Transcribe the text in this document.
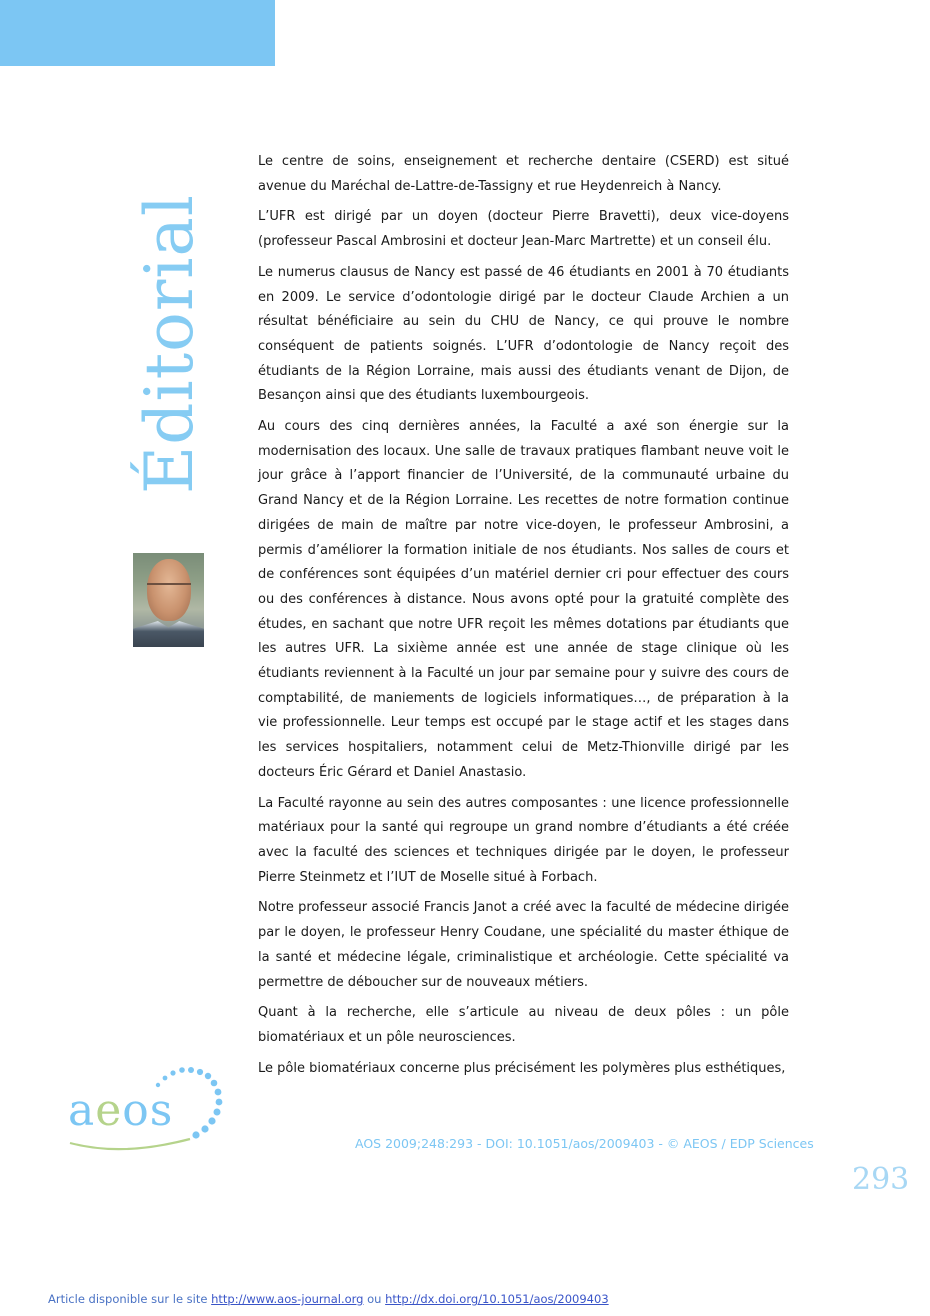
Éditorial

Le centre de soins, enseignement et recherche dentaire (CSERD) est situé avenue du Maréchal de-Lattre-de-Tassigny et rue Heydenreich à Nancy.

L’UFR est dirigé par un doyen (docteur Pierre Bravetti), deux vice-doyens (professeur Pascal Ambrosini et docteur Jean-Marc Martrette) et un conseil élu.

Le numerus clausus de Nancy est passé de 46 étudiants en 2001 à 70 étudiants en 2009. Le service d’odontologie dirigé par le docteur Claude Archien a un résultat bénéficiaire au sein du CHU de Nancy, ce qui prouve le nombre conséquent de patients soignés. L’UFR d’odontologie de Nancy reçoit des étudiants de la Région Lorraine, mais aussi des étudiants venant de Dijon, de Besançon ainsi que des étudiants luxembourgeois.

Au cours des cinq dernières années, la Faculté a axé son énergie sur la modernisation des locaux. Une salle de travaux pratiques flambant neuve voit le jour grâce à l’apport financier de l’Université, de la communauté urbaine du Grand Nancy et de la Région Lorraine. Les recettes de notre formation continue dirigées de main de maître par notre vice-doyen, le professeur Ambrosini, a permis d’améliorer la formation initiale de nos étudiants. Nos salles de cours et de conférences sont équipées d’un matériel dernier cri pour effectuer des cours ou des conférences à distance. Nous avons opté pour la gratuité complète des études, en sachant que notre UFR reçoit les mêmes dotations par étudiants que les autres UFR. La sixième année est une année de stage clinique où les étudiants reviennent à la Faculté un jour par semaine pour y suivre des cours de comptabilité, de maniements de logiciels informatiques…, de préparation à la vie professionnelle. Leur temps est occupé par le stage actif et les stages dans les services hospitaliers, notamment celui de Metz-Thionville dirigé par les docteurs Éric Gérard et Daniel Anastasio.

La Faculté rayonne au sein des autres composantes : une licence professionnelle matériaux pour la santé qui regroupe un grand nombre d’étudiants a été créée avec la faculté des sciences et techniques dirigée par le doyen, le professeur Pierre Steinmetz et l’IUT de Moselle situé à Forbach.

Notre professeur associé Francis Janot a créé avec la faculté de médecine dirigée par le doyen, le professeur Henry Coudane, une spécialité du master éthique de la santé et médecine légale, criminalistique et archéologie. Cette spécialité va permettre de déboucher sur de nouveaux métiers.

Quant à la recherche, elle s’articule au niveau de deux pôles : un pôle biomatériaux et un pôle neurosciences.

Le pôle biomatériaux concerne plus précisément les polymères plus esthétiques,

aeos
AOS 2009;248:293 - DOI: 10.1051/aos/2009403 - © AEOS / EDP Sciences
293
Article disponible sur le site http://www.aos-journal.org ou http://dx.doi.org/10.1051/aos/2009403
